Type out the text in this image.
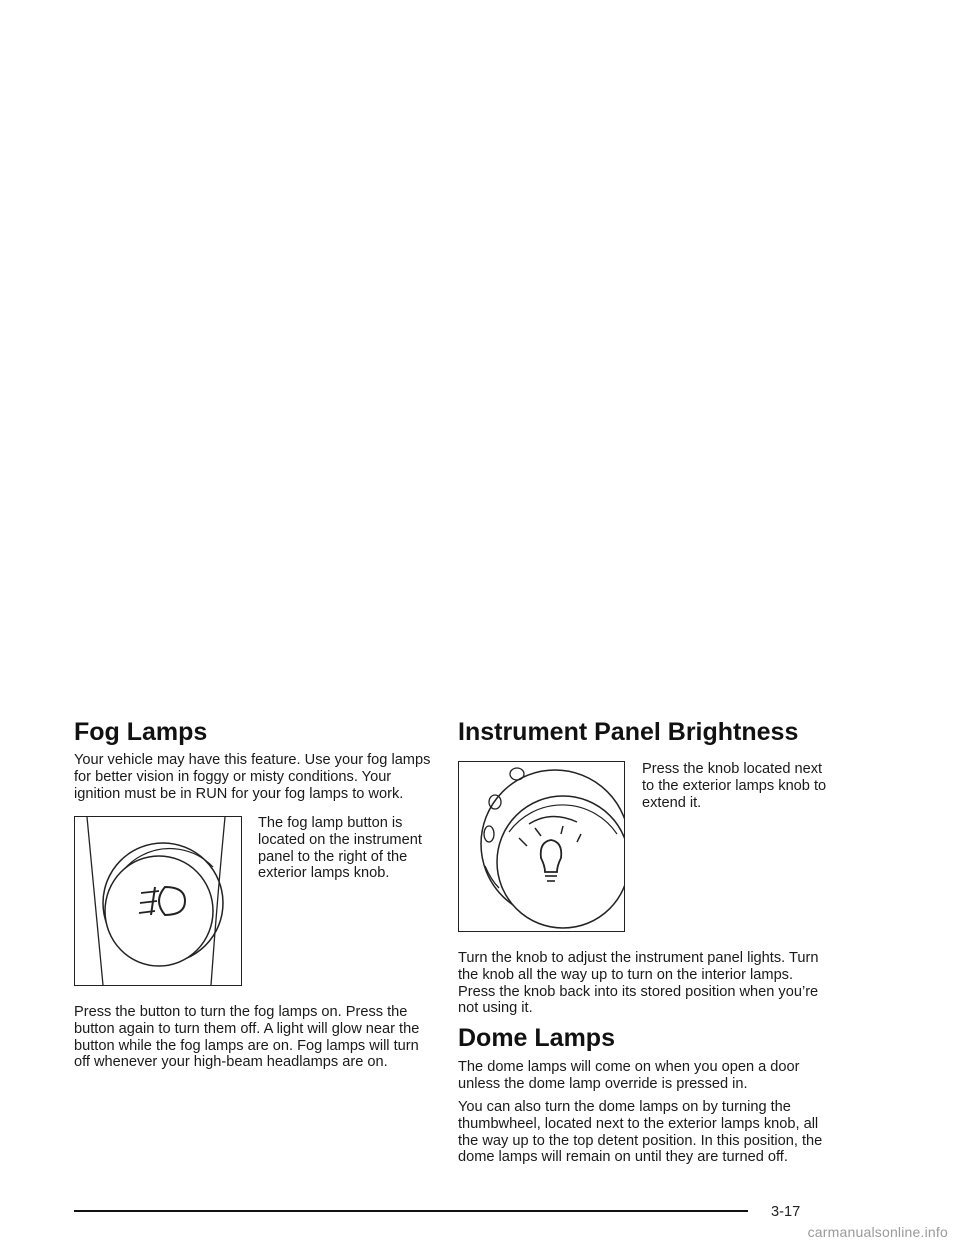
Fog Lamps

Your vehicle may have this feature. Use your fog lamps for better vision in foggy or misty conditions. Your ignition must be in RUN for your fog lamps to work.

The fog lamp button is located on the instrument panel to the right of the exterior lamps knob.

Press the button to turn the fog lamps on. Press the button again to turn them off. A light will glow near the button while the fog lamps are on. Fog lamps will turn off whenever your high-beam headlamps are on.

Instrument Panel Brightness

Press the knob located next to the exterior lamps knob to extend it.

Turn the knob to adjust the instrument panel lights. Turn the knob all the way up to turn on the interior lamps. Press the knob back into its stored position when you’re not using it.

Dome Lamps

The dome lamps will come on when you open a door unless the dome lamp override is pressed in.

You can also turn the dome lamps on by turning the thumbwheel, located next to the exterior lamps knob, all the way up to the top detent position. In this position, the dome lamps will remain on until they are turned off.

3-17
carmanualsonline.info
